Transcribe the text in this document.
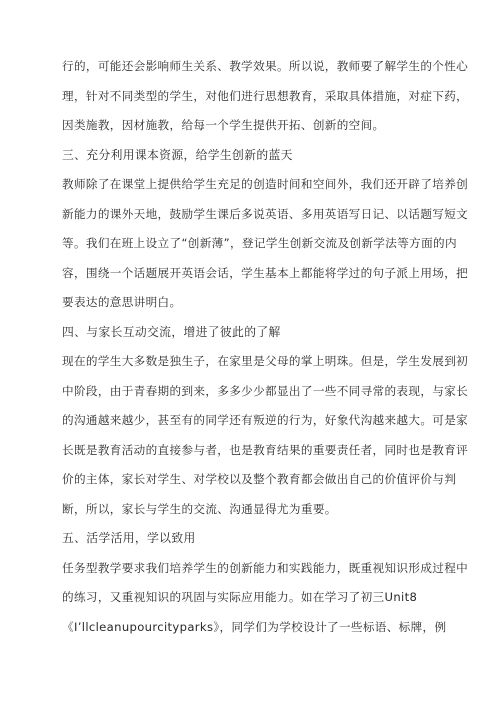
行的，可能还会影响师生关系、教学效果。所以说，教师要了解学生的个性心
理，针对不同类型的学生，对他们进行思想教育，采取具体措施，对症下药，
因类施教，因材施教，给每一个学生提供开拓、创新的空间。
三、充分利用课本资源，给学生创新的蓝天
教师除了在课堂上提供给学生充足的创造时间和空间外，我们还开辟了培养创
新能力的课外天地，鼓励学生课后多说英语、多用英语写日记、以话题写短文
等。我们在班上设立了“创新薄”，登记学生创新交流及创新学法等方面的内
容，围绕一个话题展开英语会话，学生基本上都能将学过的句子派上用场，把
要表达的意思讲明白。
四、与家长互动交流，增进了彼此的了解
现在的学生大多数是独生子，在家里是父母的掌上明珠。但是，学生发展到初
中阶段，由于青春期的到来，多多少少都显出了一些不同寻常的表现，与家长
的沟通越来越少，甚至有的同学还有叛逆的行为，好象代沟越来越大。可是家
长既是教育活动的直接参与者，也是教育结果的重要责任者，同时也是教育评
价的主体，家长对学生、对学校以及整个教育都会做出自己的价值评价与判
断，所以，家长与学生的交流、沟通显得尤为重要。
五、活学活用，学以致用
任务型教学要求我们培养学生的创新能力和实践能力，既重视知识形成过程中
的练习，又重视知识的巩固与实际应用能力。如在学习了初三Unit8
《I’llcleanupourcityparks》，同学们为学校设计了一些标语、标牌，例
